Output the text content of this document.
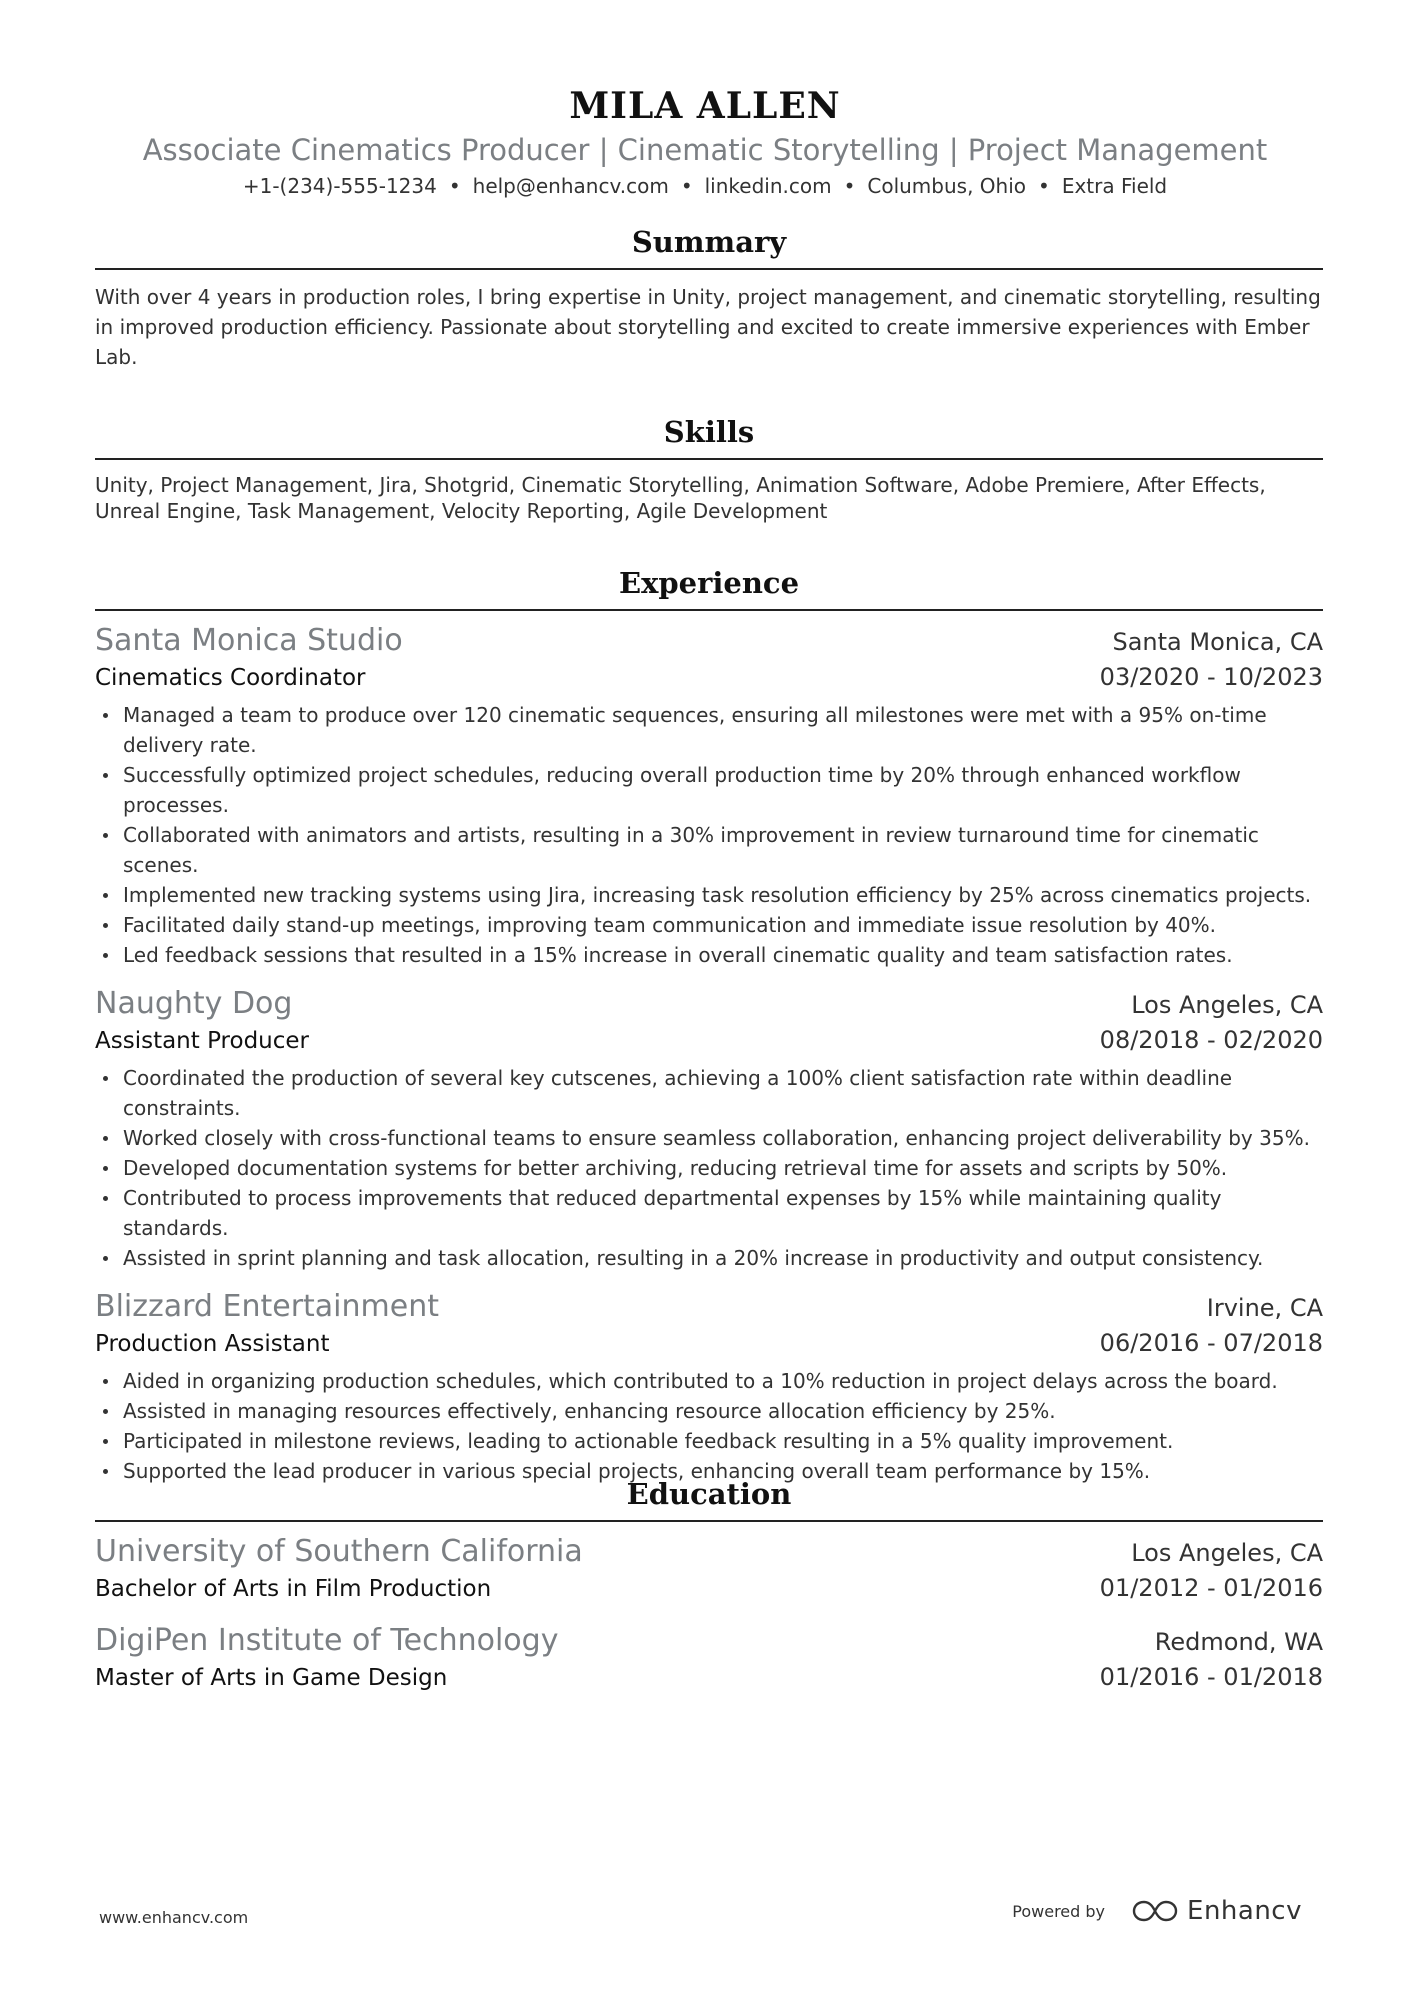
MILA ALLEN
Associate Cinematics Producer | Cinematic Storytelling | Project Management
+1-(234)-555-1234 • help@enhancv.com • linkedin.com • Columbus, Ohio • Extra Field
Summary
With over 4 years in production roles, I bring expertise in Unity, project management, and cinematic storytelling, resulting in improved production efficiency. Passionate about storytelling and excited to create immersive experiences with Ember Lab.
Skills
Unity, Project Management, Jira, Shotgrid, Cinematic Storytelling, Animation Software, Adobe Premiere, After Effects, Unreal Engine, Task Management, Velocity Reporting, Agile Development
Experience
Santa Monica Studio	Santa Monica, CA
Cinematics Coordinator	03/2020 - 10/2023
Managed a team to produce over 120 cinematic sequences, ensuring all milestones were met with a 95% on-time delivery rate.
Successfully optimized project schedules, reducing overall production time by 20% through enhanced workflow processes.
Collaborated with animators and artists, resulting in a 30% improvement in review turnaround time for cinematic scenes.
Implemented new tracking systems using Jira, increasing task resolution efficiency by 25% across cinematics projects.
Facilitated daily stand-up meetings, improving team communication and immediate issue resolution by 40%.
Led feedback sessions that resulted in a 15% increase in overall cinematic quality and team satisfaction rates.
Naughty Dog	Los Angeles, CA
Assistant Producer	08/2018 - 02/2020
Coordinated the production of several key cutscenes, achieving a 100% client satisfaction rate within deadline constraints.
Worked closely with cross-functional teams to ensure seamless collaboration, enhancing project deliverability by 35%.
Developed documentation systems for better archiving, reducing retrieval time for assets and scripts by 50%.
Contributed to process improvements that reduced departmental expenses by 15% while maintaining quality standards.
Assisted in sprint planning and task allocation, resulting in a 20% increase in productivity and output consistency.
Blizzard Entertainment	Irvine, CA
Production Assistant	06/2016 - 07/2018
Aided in organizing production schedules, which contributed to a 10% reduction in project delays across the board.
Assisted in managing resources effectively, enhancing resource allocation efficiency by 25%.
Participated in milestone reviews, leading to actionable feedback resulting in a 5% quality improvement.
Supported the lead producer in various special projects, enhancing overall team performance by 15%.
Education
University of Southern California	Los Angeles, CA
Bachelor of Arts in Film Production	01/2012 - 01/2016
DigiPen Institute of Technology	Redmond, WA
Master of Arts in Game Design	01/2016 - 01/2018
www.enhancv.com	Powered by	Enhancv
